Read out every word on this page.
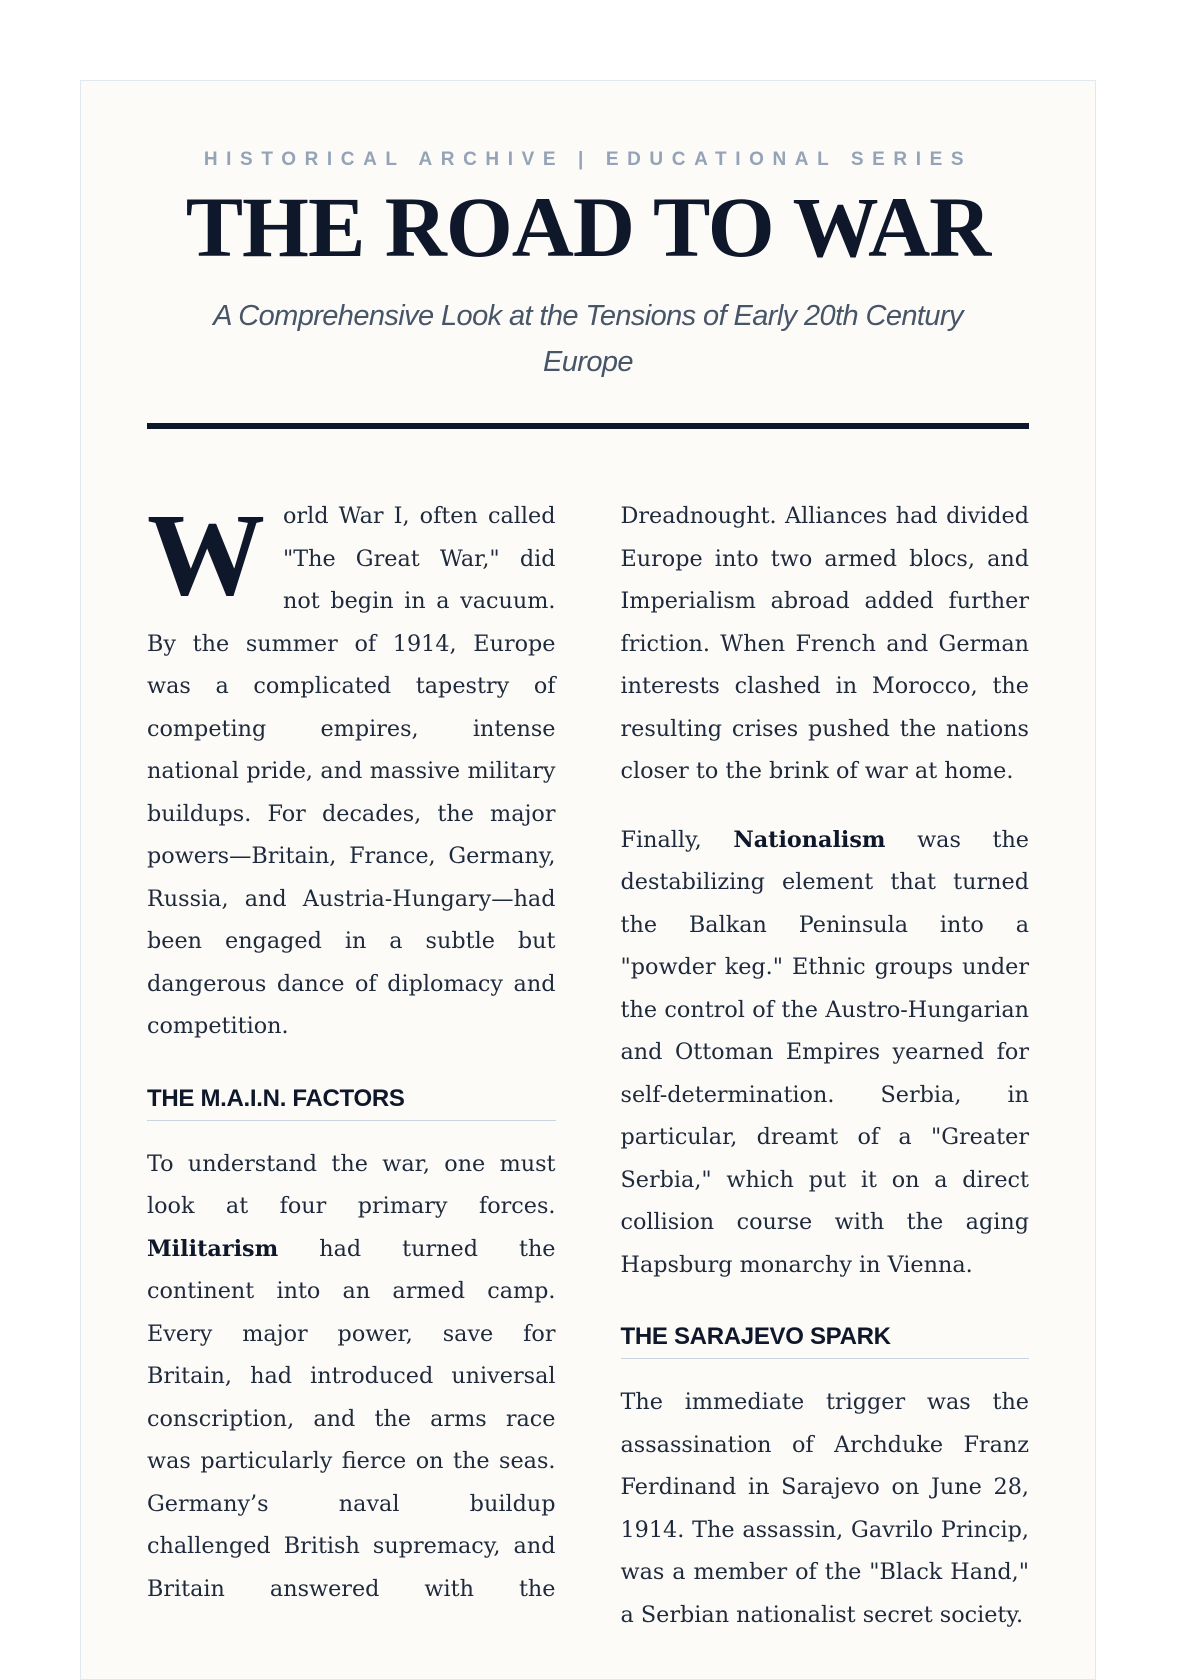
HISTORICAL ARCHIVE | EDUCATIONAL SERIES
THE ROAD TO WAR
A Comprehensive Look at the Tensions of Early 20th Century Europe

World War I, often called "The Great War," did not begin in a vacuum. By the summer of 1914, Europe was a complicated tapestry of competing empires, intense national pride, and massive military buildups. For decades, the major powers—Britain, France, Germany, Russia, and Austria-Hungary—had been engaged in a subtle but dangerous dance of diplomacy and competition.

THE M.A.I.N. FACTORS

To understand the war, one must look at four primary forces. Militarism had turned the continent into an armed camp. Every major power, save for Britain, had introduced universal conscription, and the arms race was particularly fierce on the seas. Germany’s naval buildup challenged British supremacy, and Britain answered with the Dreadnought. Alliances had divided Europe into two armed blocs, and Imperialism abroad added further friction. When French and German interests clashed in Morocco, the resulting crises pushed the nations closer to the brink of war at home.

Finally, Nationalism was the destabilizing element that turned the Balkan Peninsula into a "powder keg." Ethnic groups under the control of the Austro-Hungarian and Ottoman Empires yearned for self-determination. Serbia, in particular, dreamt of a "Greater Serbia," which put it on a direct collision course with the aging Hapsburg monarchy in Vienna.

THE SARAJEVO SPARK

The immediate trigger was the assassination of Archduke Franz Ferdinand in Sarajevo on June 28, 1914. The assassin, Gavrilo Princip, was a member of the "Black Hand," a Serbian nationalist secret society.
